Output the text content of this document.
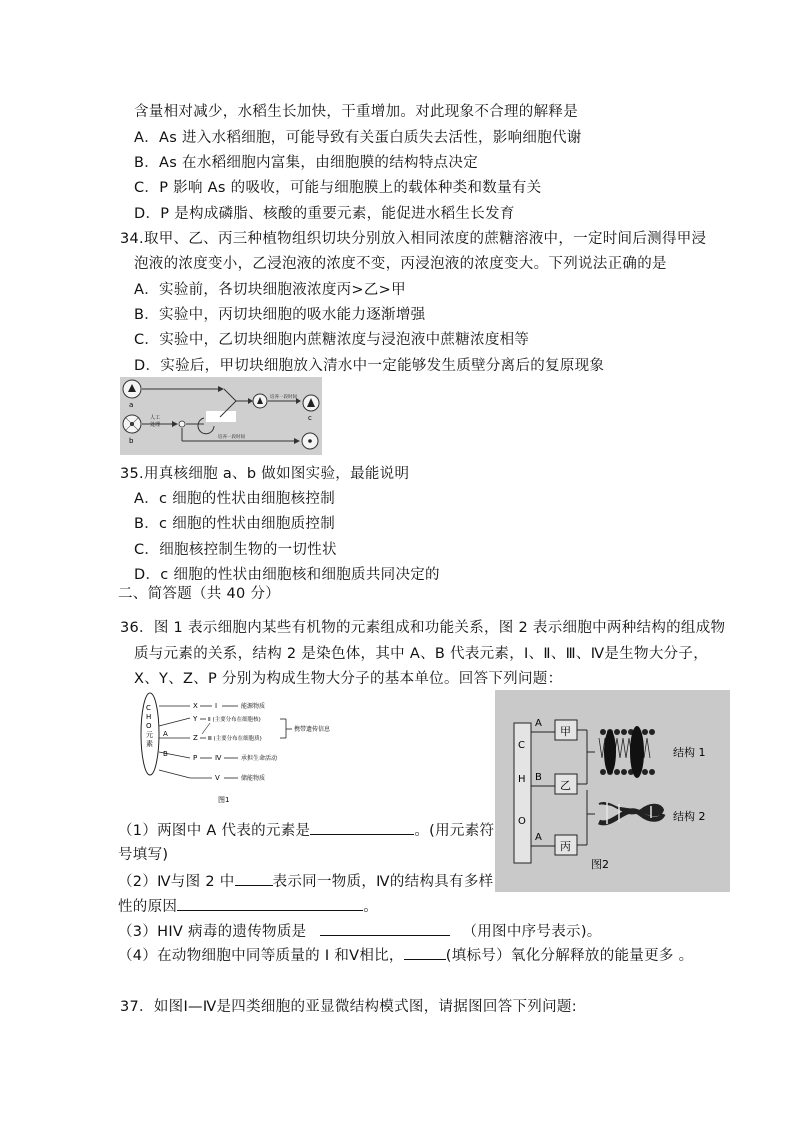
含量相对减少，水稻生长加快，干重增加。对此现象不合理的解释是
A．As 进入水稻细胞，可能导致有关蛋白质失去活性，影响细胞代谢
B．As 在水稻细胞内富集，由细胞膜的结构特点决定
C．P 影响 As 的吸收，可能与细胞膜上的载体种类和数量有关
D．P 是构成磷脂、核酸的重要元素，能促进水稻生长发育
34.取甲、乙、丙三种植物组织切块分别放入相同浓度的蔗糖溶液中，一定时间后测得甲浸
泡液的浓度变小，乙浸泡液的浓度不变，丙浸泡液的浓度变大。下列说法正确的是
A．实验前，各切块细胞液浓度丙>乙>甲
B．实验中，丙切块细胞的吸水能力逐渐增强
C．实验中，乙切块细胞内蔗糖浓度与浸泡液中蔗糖浓度相等
D．实验后，甲切块细胞放入清水中一定能够发生质壁分离后的复原现象
a
b
人工处理
培养一段时间
c
培养一段时间
35.用真核细胞 a、b 做如图实验，最能说明
A．c 细胞的性状由细胞核控制
B．c 细胞的性状由细胞质控制
C．细胞核控制生物的一切性状
D．c 细胞的性状由细胞核和细胞质共同决定的
二、简答题（共 40 分）
36．图 1 表示细胞内某些有机物的元素组成和功能关系，图 2 表示细胞中两种结构的组成物
质与元素的关系，结构 2 是染色体，其中 A、B 代表元素，Ⅰ、Ⅱ、Ⅲ、Ⅳ是生物大分子，
X、Y、Z、P 分别为构成生物大分子的基本单位。回答下列问题：
C H O 元素
A
B
X Ⅰ	能源物质
Y Ⅱ (主要分布在细胞核)
Z Ⅲ (主要分布在细胞质)
携带遗传信息
P	Ⅳ	承担生命活动
Ⅴ	储能物质
图1
C
H
O
A
甲
B
乙
A
丙
结构 1
结构 2
图2
（1）两图中 A 代表的元素是	。(用元素符
号填写)
（2）Ⅳ与图 2 中	表示同一物质，Ⅳ的结构具有多样
性的原因	。
（3）HIV 病毒的遗传物质是	（用图中序号表示)。
（4）在动物细胞中同等质量的 I 和Ⅴ相比，	(填标号）氧化分解释放的能量更多 。
37．如图Ⅰ—Ⅳ是四类细胞的亚显微结构模式图，请据图回答下列问题:
